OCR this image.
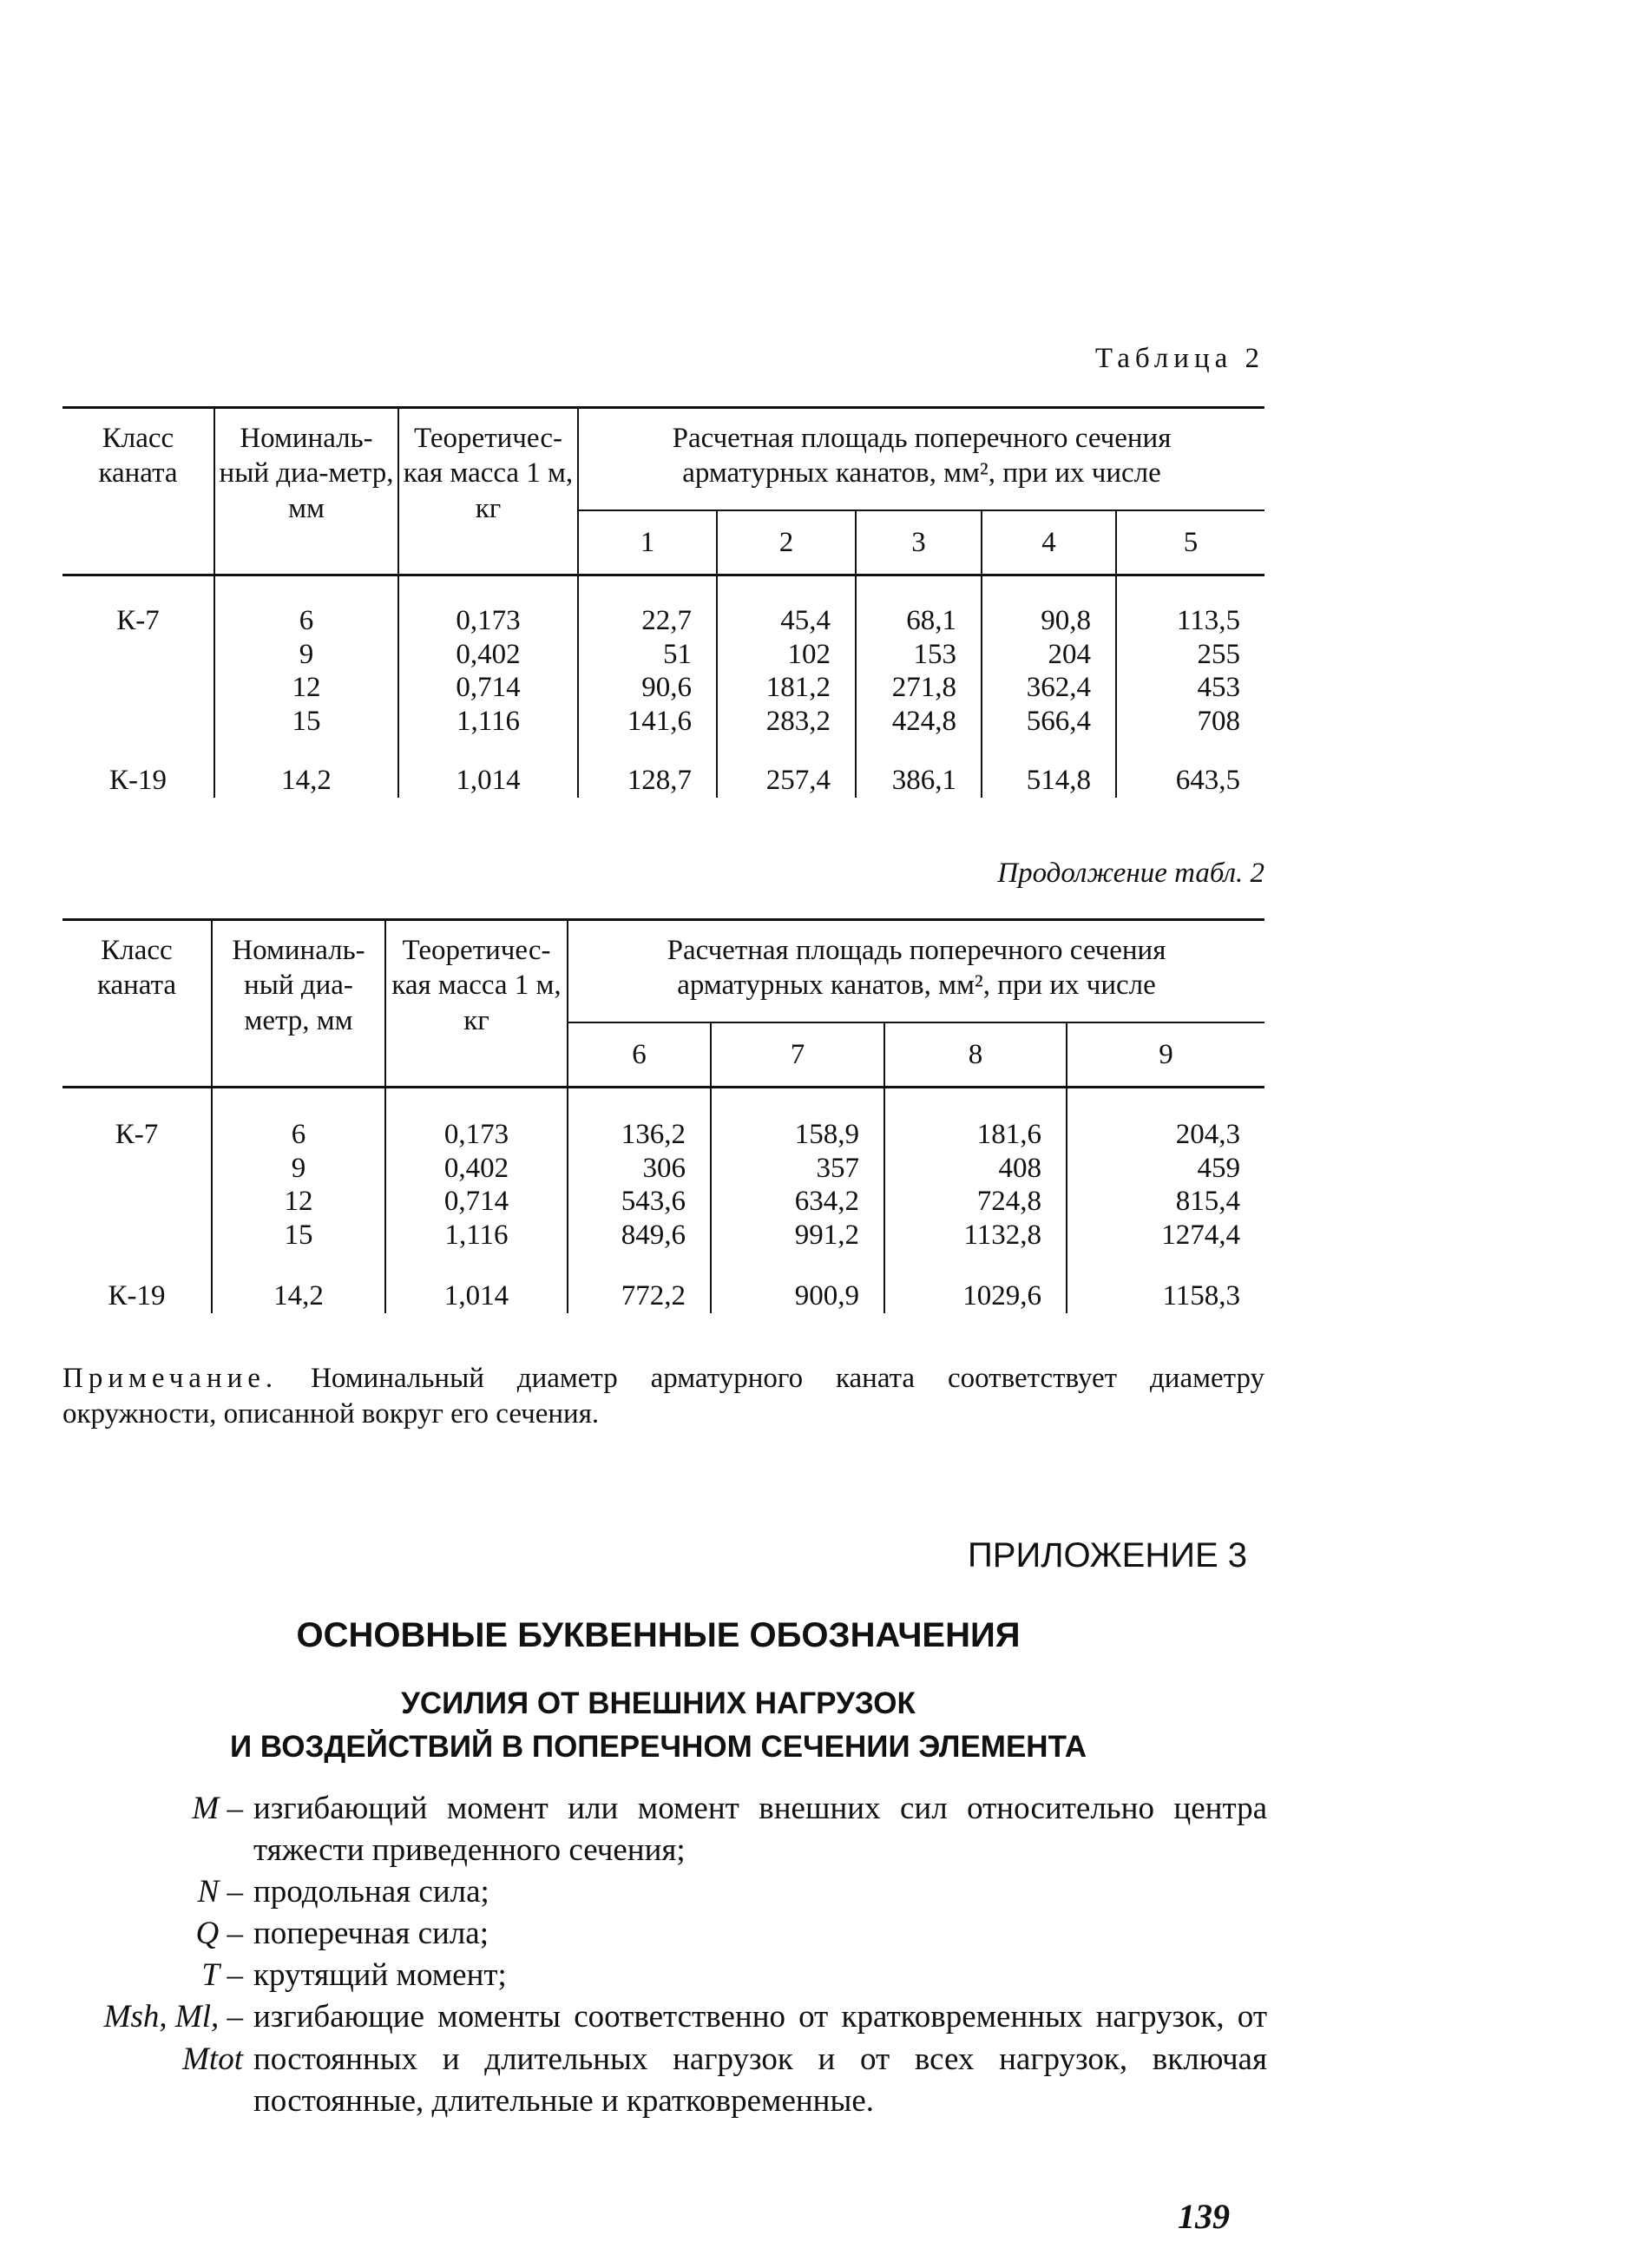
Таблица 2
Класс каната	Номиналь-ный диа-метр, мм	Теоретичес-кая масса 1 м, кг	Расчетная площадь поперечного сечения арматурных канатов, мм², при их числе				
			1	2	3	4	5
К-7	6	0,173	22,7	45,4	68,1	90,8	113,5
	9	0,402	51	102	153	204	255
	12	0,714	90,6	181,2	271,8	362,4	453
	15	1,116	141,6	283,2	424,8	566,4	708
К-19	14,2	1,014	128,7	257,4	386,1	514,8	643,5
Продолжение табл. 2
Класс каната	Номиналь-ный диа-метр, мм	Теоретичес-кая масса 1 м, кг	Расчетная площадь поперечного сечения арматурных канатов, мм², при их числе			
			6	7	8	9
К-7	6	0,173	136,2	158,9	181,6	204,3
	9	0,402	306	357	408	459
	12	0,714	543,6	634,2	724,8	815,4
	15	1,116	849,6	991,2	1132,8	1274,4
К-19	14,2	1,014	772,2	900,9	1029,6	1158,3
Примечание. Номинальный диаметр арматурного каната соответствует диаметру окружности, описанной вокруг его сечения.
ПРИЛОЖЕНИЕ 3
ОСНОВНЫЕ БУКВЕННЫЕ ОБОЗНАЧЕНИЯ
УСИЛИЯ ОТ ВНЕШНИХ НАГРУЗОК
И ВОЗДЕЙСТВИЙ В ПОПЕРЕЧНОМ СЕЧЕНИИ ЭЛЕМЕНТА
M – изгибающий момент или момент внешних сил относительно центра тяжести приведенного сечения;
N – продольная сила;
Q – поперечная сила;
T – крутящий момент;
Msh, Ml, – Mtot
изгибающие моменты соответственно от кратковременных нагрузок, от постоянных и длительных нагрузок и от всех нагрузок, включая постоянные, длительные и кратковременные.
139
